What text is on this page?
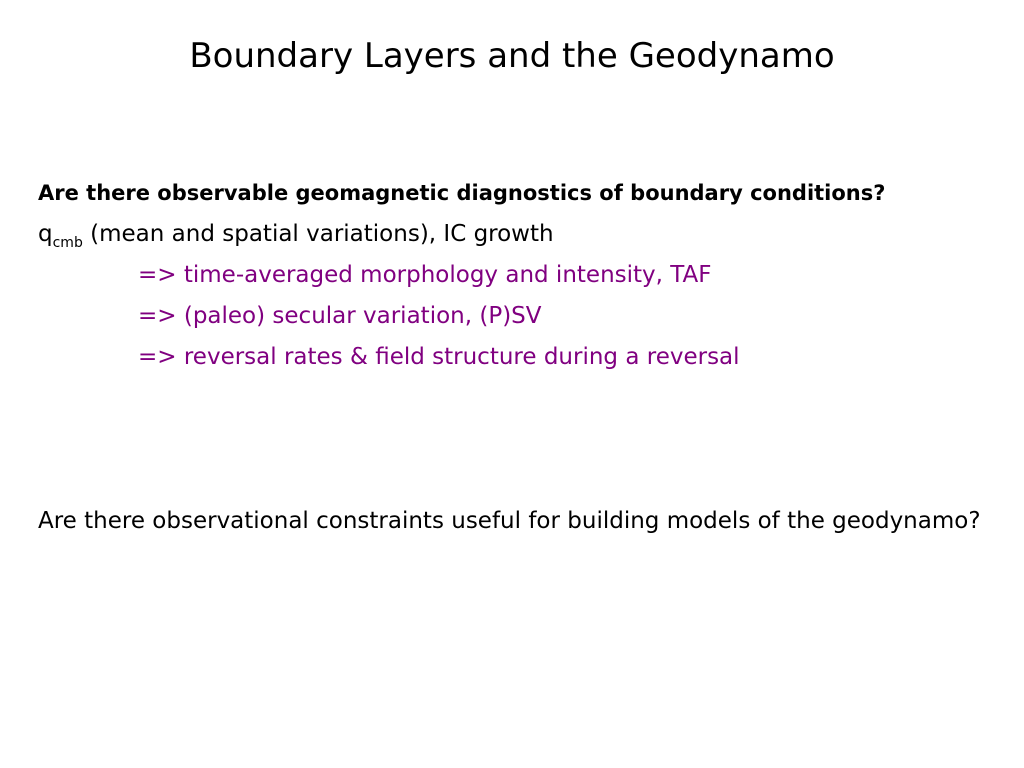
Boundary Layers and the Geodynamo
Are there observable geomagnetic diagnostics of boundary conditions?
$q_{cmb}$ (mean and spatial variations), IC growth
=> time-averaged morphology and intensity, TAF
=> (paleo) secular variation, (P)SV
=> reversal rates & field structure during a reversal
Are there observational constraints useful for building models of the geodynamo?
